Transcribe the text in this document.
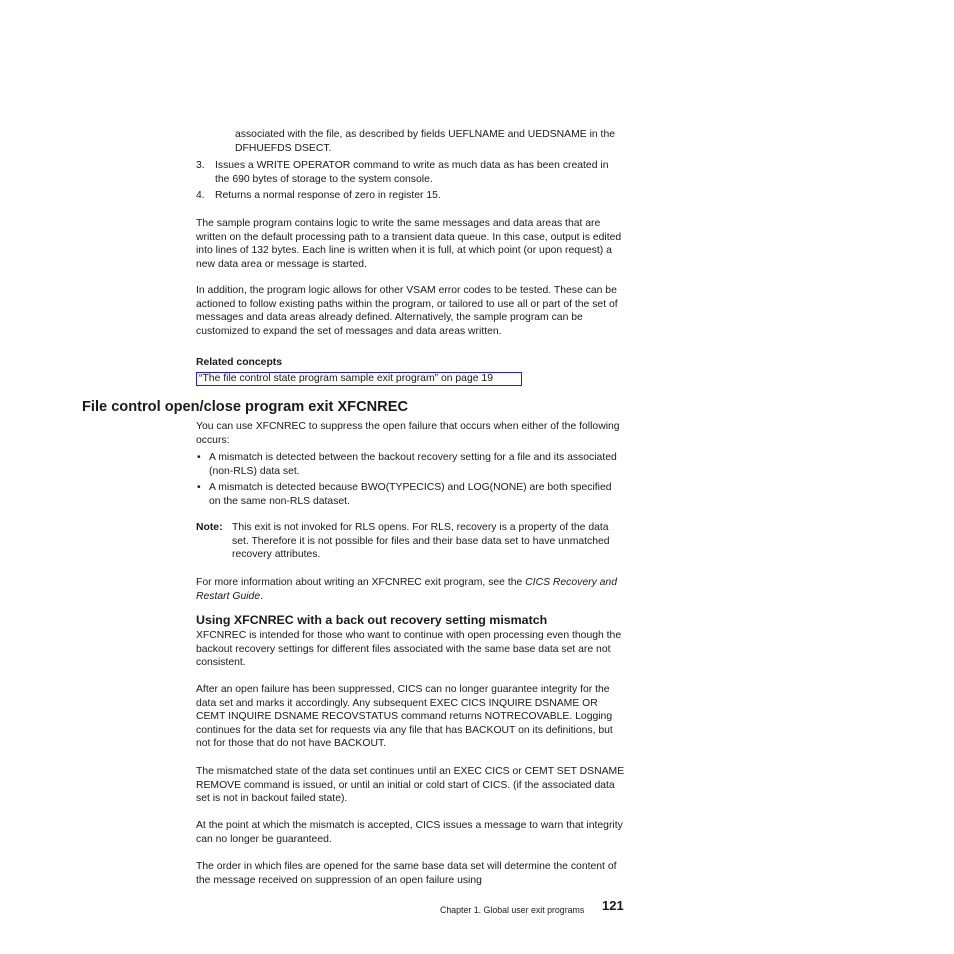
associated with the file, as described by fields UEFLNAME and UEDSNAME in the DFHUEFDS DSECT.

3. Issues a WRITE OPERATOR command to write as much data as has been created in the 690 bytes of storage to the system console.

4. Returns a normal response of zero in register 15.

The sample program contains logic to write the same messages and data areas that are written on the default processing path to a transient data queue. In this case, output is edited into lines of 132 bytes. Each line is written when it is full, at which point (or upon request) a new data area or message is started.

In addition, the program logic allows for other VSAM error codes to be tested. These can be actioned to follow existing paths within the program, or tailored to use all or part of the set of messages and data areas already defined. Alternatively, the sample program can be customized to expand the set of messages and data areas written.

Related concepts
“The file control state program sample exit program” on page 19
File control open/close program exit XFCNREC

You can use XFCNREC to suppress the open failure that occurs when either of the following occurs:

• A mismatch is detected between the backout recovery setting for a file and its associated (non-RLS) data set.

• A mismatch is detected because BWO(TYPECICS) and LOG(NONE) are both specified on the same non-RLS dataset.

Note: This exit is not invoked for RLS opens. For RLS, recovery is a property of the data set. Therefore it is not possible for files and their base data set to have unmatched recovery attributes.

For more information about writing an XFCNREC exit program, see the CICS Recovery and Restart Guide.

Using XFCNREC with a back out recovery setting mismatch

XFCNREC is intended for those who want to continue with open processing even though the backout recovery settings for different files associated with the same base data set are not consistent.

After an open failure has been suppressed, CICS can no longer guarantee integrity for the data set and marks it accordingly. Any subsequent EXEC CICS INQUIRE DSNAME OR CEMT INQUIRE DSNAME RECOVSTATUS command returns NOTRECOVABLE. Logging continues for the data set for requests via any file that has BACKOUT on its definitions, but not for those that do not have BACKOUT.

The mismatched state of the data set continues until an EXEC CICS or CEMT SET DSNAME REMOVE command is issued, or until an initial or cold start of CICS. (if the associated data set is not in backout failed state).

At the point at which the mismatch is accepted, CICS issues a message to warn that integrity can no longer be guaranteed.

The order in which files are opened for the same base data set will determine the content of the message received on suppression of an open failure using

Chapter 1. Global user exit programs 121
